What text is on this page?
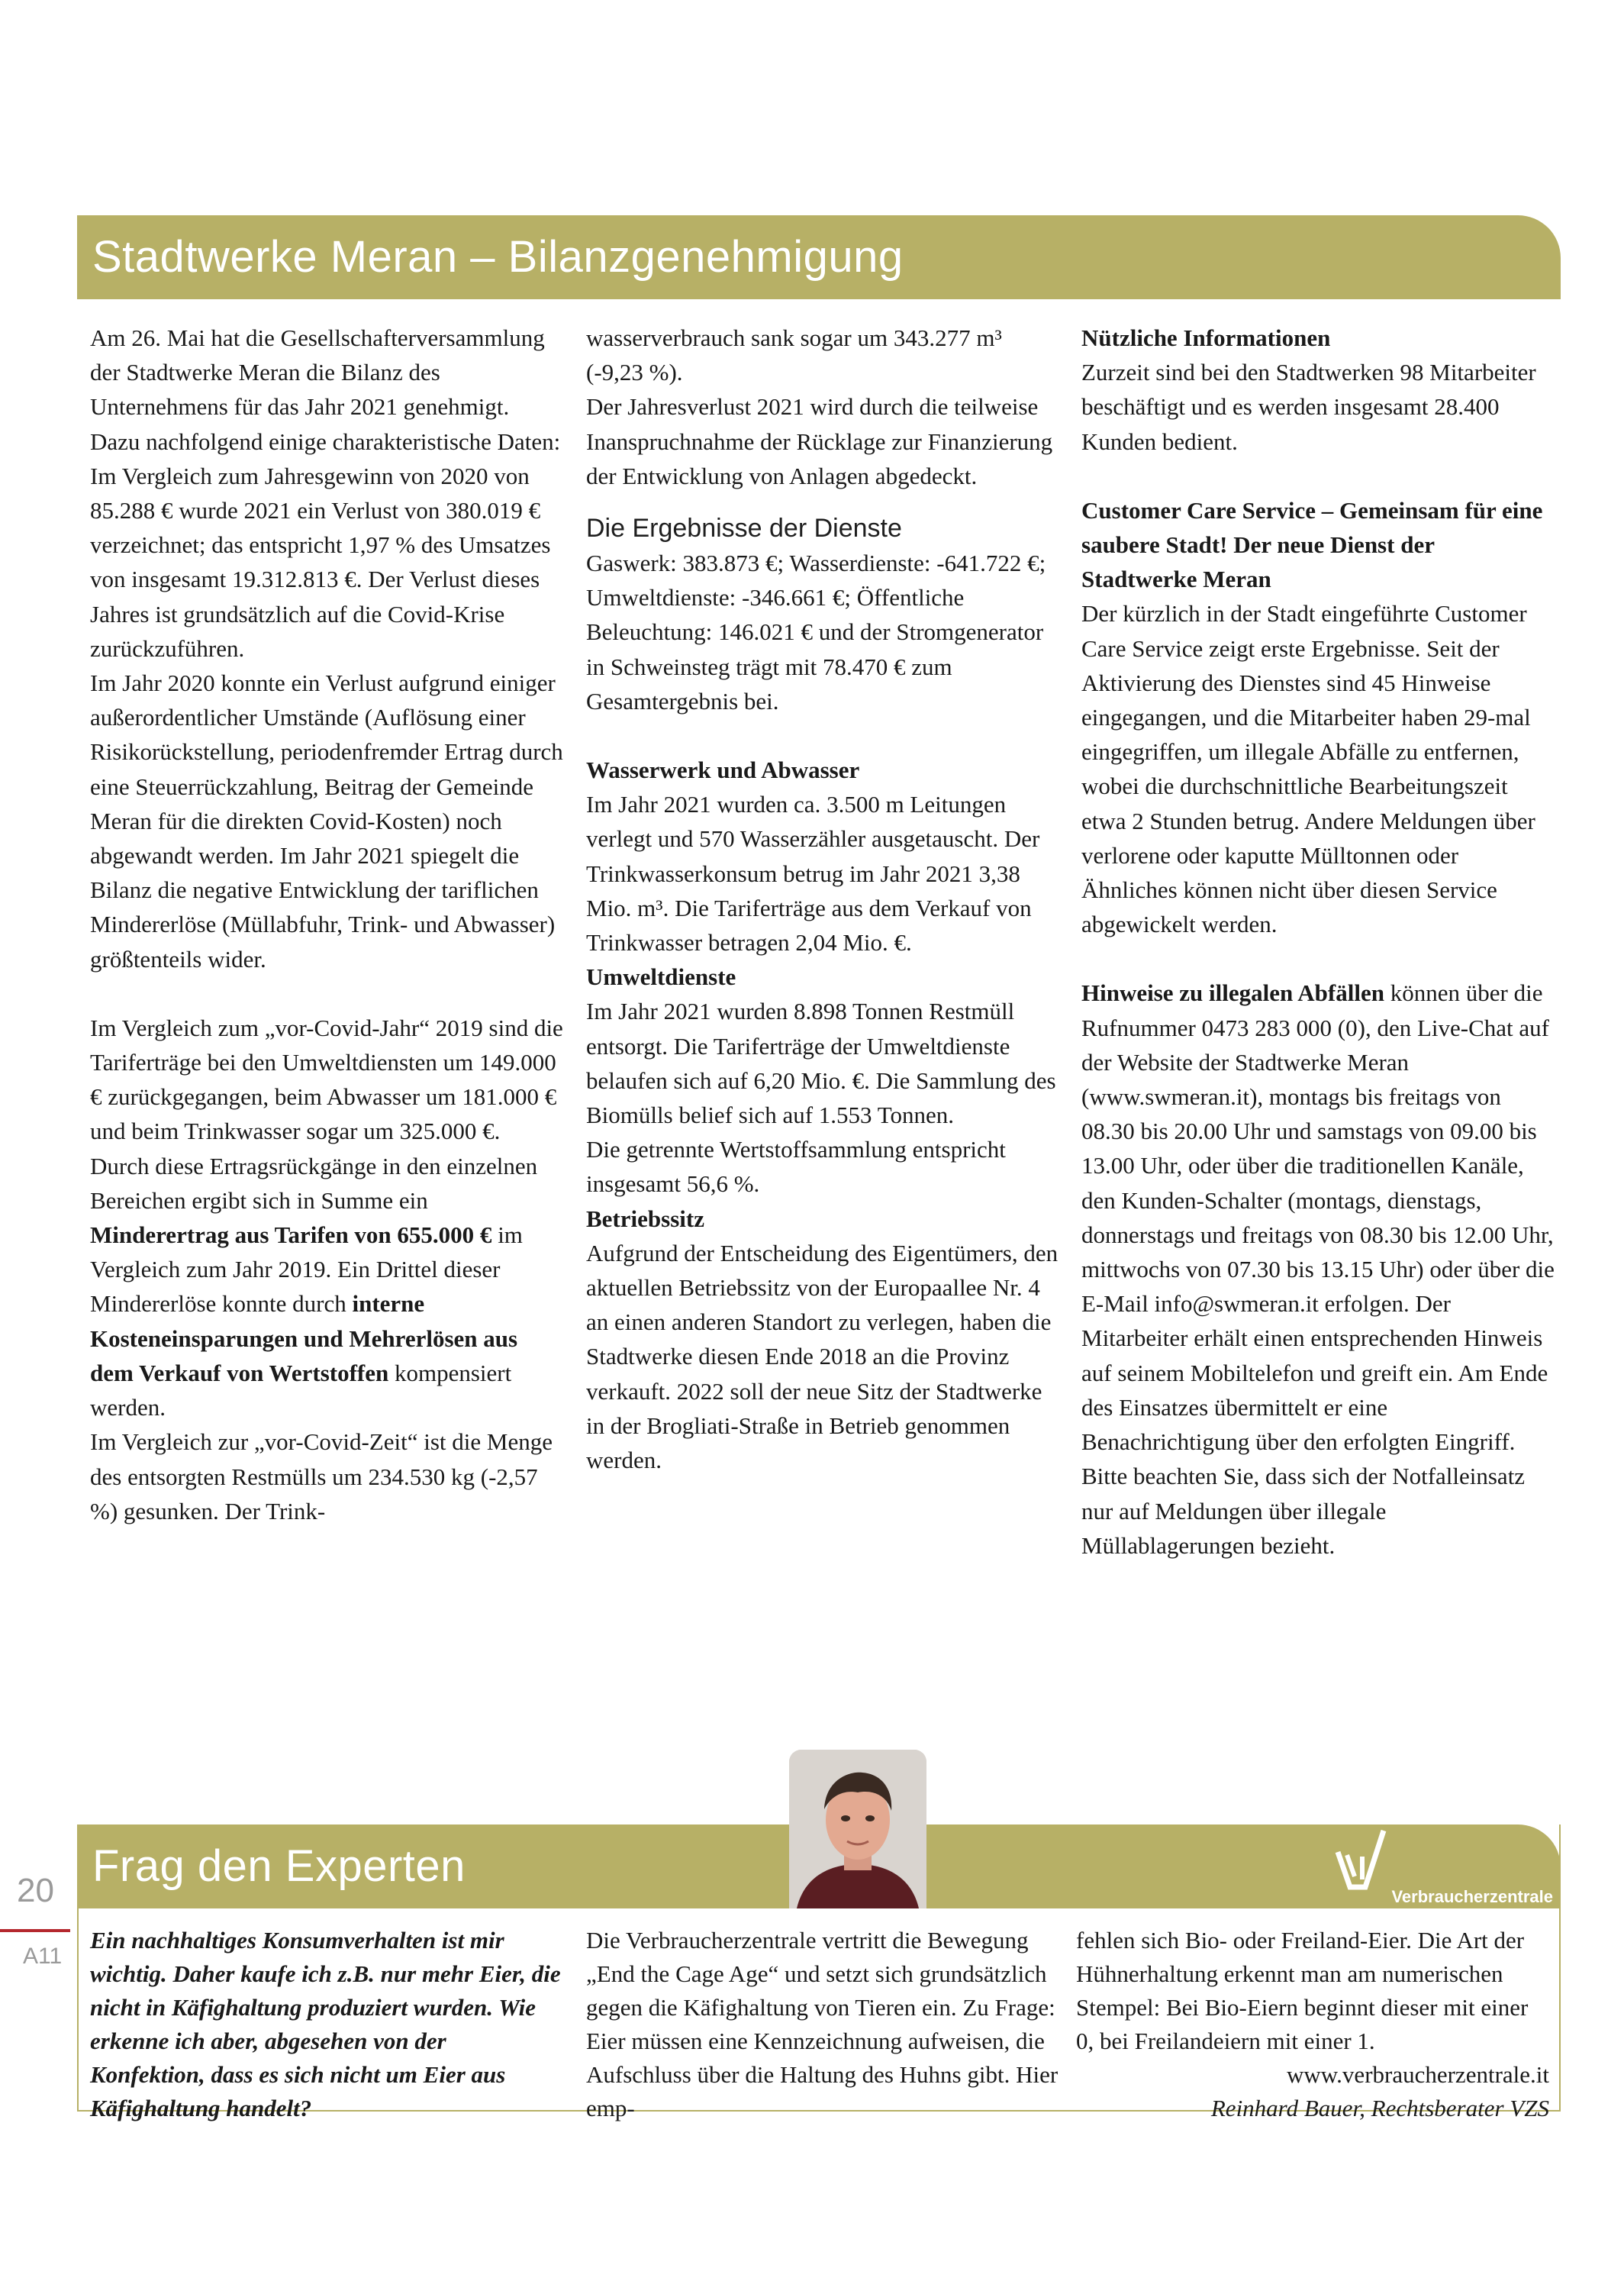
Stadtwerke Meran – Bilanzgenehmigung

Am 26. Mai hat die Gesellschafterversammlung der Stadtwerke Meran die Bilanz des Unternehmens für das Jahr 2021 genehmigt. Dazu nachfolgend einige charakteristische Daten:

Im Vergleich zum Jahresgewinn von 2020 von 85.288 € wurde 2021 ein Verlust von 380.019 € verzeichnet; das entspricht 1,97 % des Umsatzes von insgesamt 19.312.813 €. Der Verlust dieses Jahres ist grundsätzlich auf die Covid-Krise zurückzuführen.

Im Jahr 2020 konnte ein Verlust aufgrund einiger außerordentlicher Umstände (Auflösung einer Risikorückstellung, periodenfremder Ertrag durch eine Steuerrückzahlung, Beitrag der Gemeinde Meran für die direkten Covid-Kosten) noch abgewandt werden. Im Jahr 2021 spiegelt die Bilanz die negative Entwicklung der tariflichen Mindererlöse (Müllabfuhr, Trink- und Abwasser) größtenteils wider.

Im Vergleich zum „vor-Covid-Jahr“ 2019 sind die Tariferträge bei den Umweltdiensten um 149.000 € zurückgegangen, beim Abwasser um 181.000 € und beim Trinkwasser sogar um 325.000 €.

Durch diese Ertragsrückgänge in den einzelnen Bereichen ergibt sich in Summe ein Minderertrag aus Tarifen von 655.000 € im Vergleich zum Jahr 2019. Ein Drittel dieser Mindererlöse konnte durch interne Kosteneinsparungen und Mehrerlösen aus dem Verkauf von Wertstoffen kompensiert werden.

Im Vergleich zur „vor-Covid-Zeit“ ist die Menge des entsorgten Restmülls um 234.530 kg (-2,57 %) gesunken. Der Trink-

wasserverbrauch sank sogar um 343.277 m³ (-9,23 %).

Der Jahresverlust 2021 wird durch die teilweise Inanspruchnahme der Rücklage zur Finanzierung der Entwicklung von Anlagen abgedeckt.

Die Ergebnisse der Dienste

Gaswerk: 383.873 €; Wasserdienste: -641.722 €; Umweltdienste: -346.661 €; Öffentliche Beleuchtung: 146.021 € und der Stromgenerator in Schweinsteg trägt mit 78.470 € zum Gesamtergebnis bei.

Wasserwerk und Abwasser

Im Jahr 2021 wurden ca. 3.500 m Leitungen verlegt und 570 Wasserzähler ausgetauscht. Der Trinkwasserkonsum betrug im Jahr 2021 3,38 Mio. m³. Die Tariferträge aus dem Verkauf von Trinkwasser betragen 2,04 Mio. €.

Umweltdienste

Im Jahr 2021 wurden 8.898 Tonnen Restmüll entsorgt. Die Tariferträge der Umweltdienste belaufen sich auf 6,20 Mio. €. Die Sammlung des Biomülls belief sich auf 1.553 Tonnen.

Die getrennte Wertstoffsammlung entspricht insgesamt 56,6 %.

Betriebssitz

Aufgrund der Entscheidung des Eigentümers, den aktuellen Betriebssitz von der Europaallee Nr. 4 an einen anderen Standort zu verlegen, haben die Stadtwerke diesen Ende 2018 an die Provinz verkauft. 2022 soll der neue Sitz der Stadtwerke in der Brogliati-Straße in Betrieb genommen werden.

Nützliche Informationen

Zurzeit sind bei den Stadtwerken 98 Mitarbeiter beschäftigt und es werden insgesamt 28.400 Kunden bedient.

Customer Care Service – Gemeinsam für eine saubere Stadt! Der neue Dienst der Stadtwerke Meran

Der kürzlich in der Stadt eingeführte Customer Care Service zeigt erste Ergebnisse. Seit der Aktivierung des Dienstes sind 45 Hinweise eingegangen, und die Mitarbeiter haben 29-mal eingegriffen, um illegale Abfälle zu entfernen, wobei die durchschnittliche Bearbeitungszeit etwa 2 Stunden betrug. Andere Meldungen über verlorene oder kaputte Mülltonnen oder Ähnliches können nicht über diesen Service abgewickelt werden.

Hinweise zu illegalen Abfällen können über die Rufnummer 0473 283 000 (0), den Live-Chat auf der Website der Stadtwerke Meran (www.swmeran.it), montags bis freitags von 08.30 bis 20.00 Uhr und samstags von 09.00 bis 13.00 Uhr, oder über die traditionellen Kanäle, den Kunden-Schalter (montags, dienstags, donnerstags und freitags von 08.30 bis 12.00 Uhr, mittwochs von 07.30 bis 13.15 Uhr) oder über die E-Mail info@swmeran.it erfolgen. Der Mitarbeiter erhält einen entsprechenden Hinweis auf seinem Mobiltelefon und greift ein. Am Ende des Einsatzes übermittelt er eine Benachrichtigung über den erfolgten Eingriff. Bitte beachten Sie, dass sich der Notfalleinsatz nur auf Meldungen über illegale Müllablagerungen bezieht.

Frag den Experten
Verbraucherzentrale
Ein nachhaltiges Konsumverhalten ist mir wichtig. Daher kaufe ich z.B. nur mehr Eier, die nicht in Käfighaltung produziert wurden. Wie erkenne ich aber, abgesehen von der Konfektion, dass es sich nicht um Eier aus Käfighaltung handelt?
Die Verbraucherzentrale vertritt die Bewegung „End the Cage Age“ und setzt sich grundsätzlich gegen die Käfighaltung von Tieren ein. Zu Frage: Eier müssen eine Kennzeichnung aufweisen, die Aufschluss über die Haltung des Huhns gibt. Hier emp-
fehlen sich Bio- oder Freiland-Eier. Die Art der Hühnerhaltung erkennt man am numerischen Stempel: Bei Bio-Eiern beginnt dieser mit einer 0, bei Freilandeiern mit einer 1.
www.verbraucherzentrale.it
Reinhard Bauer, Rechtsberater VZS
20
A11
